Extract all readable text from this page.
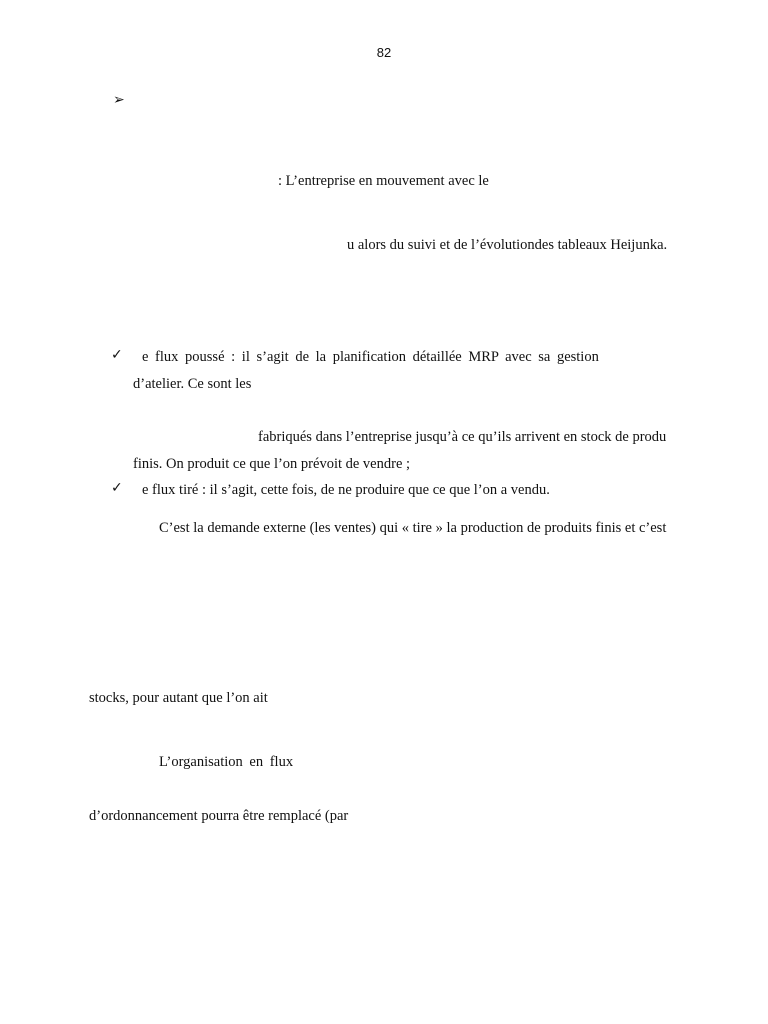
82
➢
: L’entreprise en mouvement avec le
u alors du suivi et de l’évolutiondes tableaux Heijunka.
✓ e flux poussé : il s’agit de la planification détaillée MRP avec sa gestion
d’atelier. Ce sont les
fabriqués dans l’entreprise jusqu’à ce qu’ils arrivent en stock de produ
finis. On produit ce que l’on prévoit de vendre ;
✓ e flux tiré : il s’agit, cette fois, de ne produire que ce que l’on a vendu.
C’est la demande externe (les ventes) qui « tire » la production de produits finis et c’est
stocks, pour autant que l’on ait
L’organisation en flux
d’ordonnancement pourra être remplacé (par
